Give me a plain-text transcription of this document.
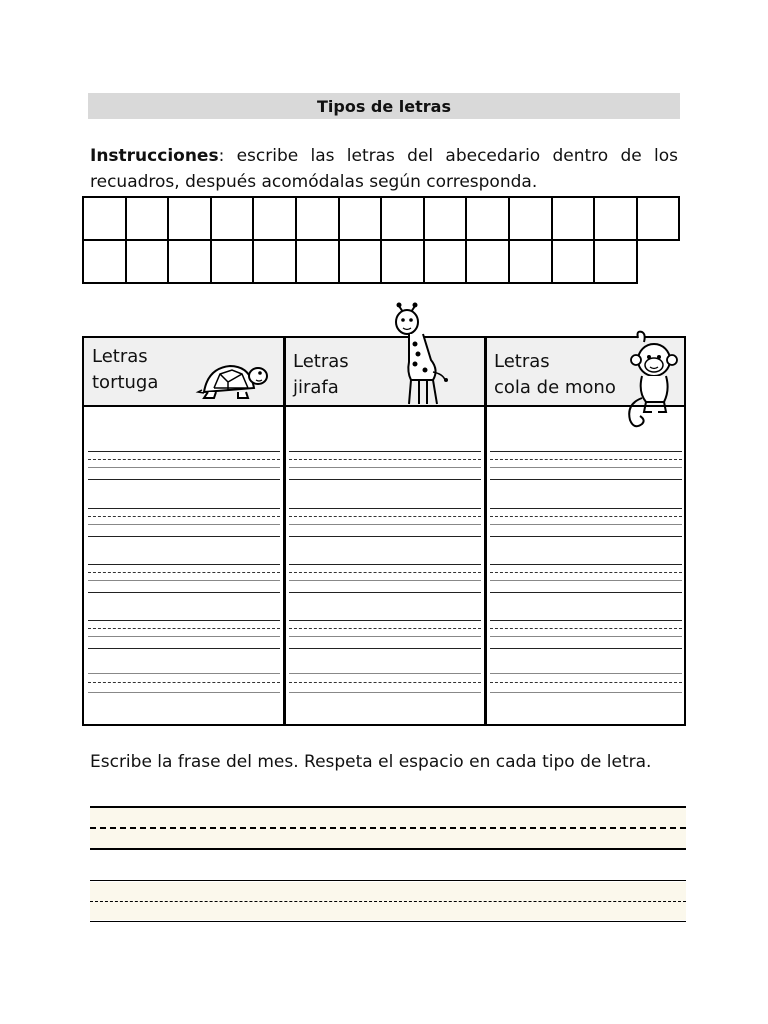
Tipos de letras
Instrucciones: escribe las letras del abecedario dentro de los recuadros, después acomódalas según corresponda.
Letras
tortuga
Letras
jirafa
Letras
cola de mono
Escribe la frase del mes. Respeta el espacio en cada tipo de letra.
